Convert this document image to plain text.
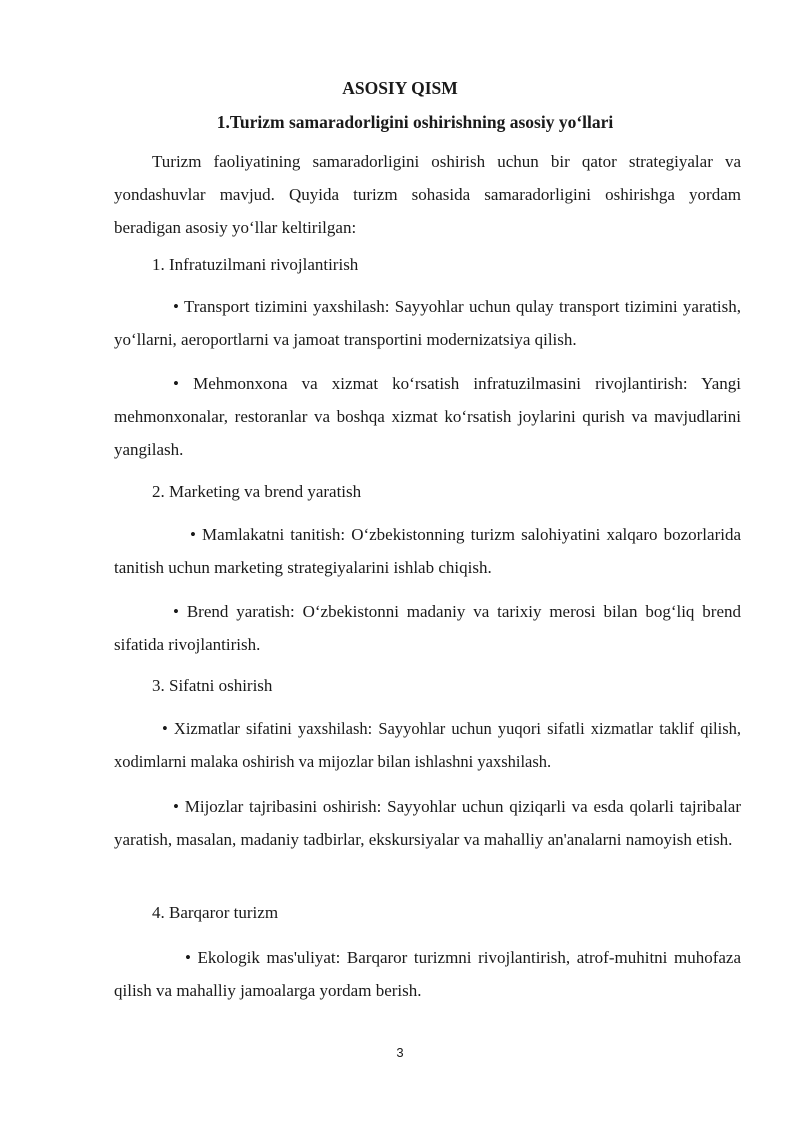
ASOSIY QISM
1.Turizm samaradorligini oshirishning asosiy yo‘llari

Turizm faoliyatining samaradorligini oshirish uchun bir qator strategiyalar va yondashuvlar mavjud. Quyida turizm sohasida samaradorligini oshirishga yordam beradigan asosiy yo‘llar keltirilgan:

1. Infratuzilmani rivojlantirish

• Transport tizimini yaxshilash: Sayyohlar uchun qulay transport tizimini yaratish, yo‘llarni, aeroportlarni va jamoat transportini modernizatsiya qilish.

• Mehmonxona va xizmat ko‘rsatish infratuzilmasini rivojlantirish: Yangi mehmonxonalar, restoranlar va boshqa xizmat ko‘rsatish joylarini qurish va mavjudlarini yangilash.

2. Marketing va brend yaratish

• Mamlakatni tanitish: O‘zbekistonning turizm salohiyatini xalqaro bozorlarida tanitish uchun marketing strategiyalarini ishlab chiqish.

• Brend yaratish: O‘zbekistonni madaniy va tarixiy merosi bilan bog‘liq brend sifatida rivojlantirish.

3. Sifatni oshirish

• Xizmatlar sifatini yaxshilash: Sayyohlar uchun yuqori sifatli xizmatlar taklif qilish, xodimlarni malaka oshirish va mijozlar bilan ishlashni yaxshilash.

• Mijozlar tajribasini oshirish: Sayyohlar uchun qiziqarli va esda qolarli tajribalar yaratish, masalan, madaniy tadbirlar, ekskursiyalar va mahalliy an'analarni namoyish etish.

4. Barqaror turizm

• Ekologik mas'uliyat: Barqaror turizmni rivojlantirish, atrof-muhitni muhofaza qilish va mahalliy jamoalarga yordam berish.

3
